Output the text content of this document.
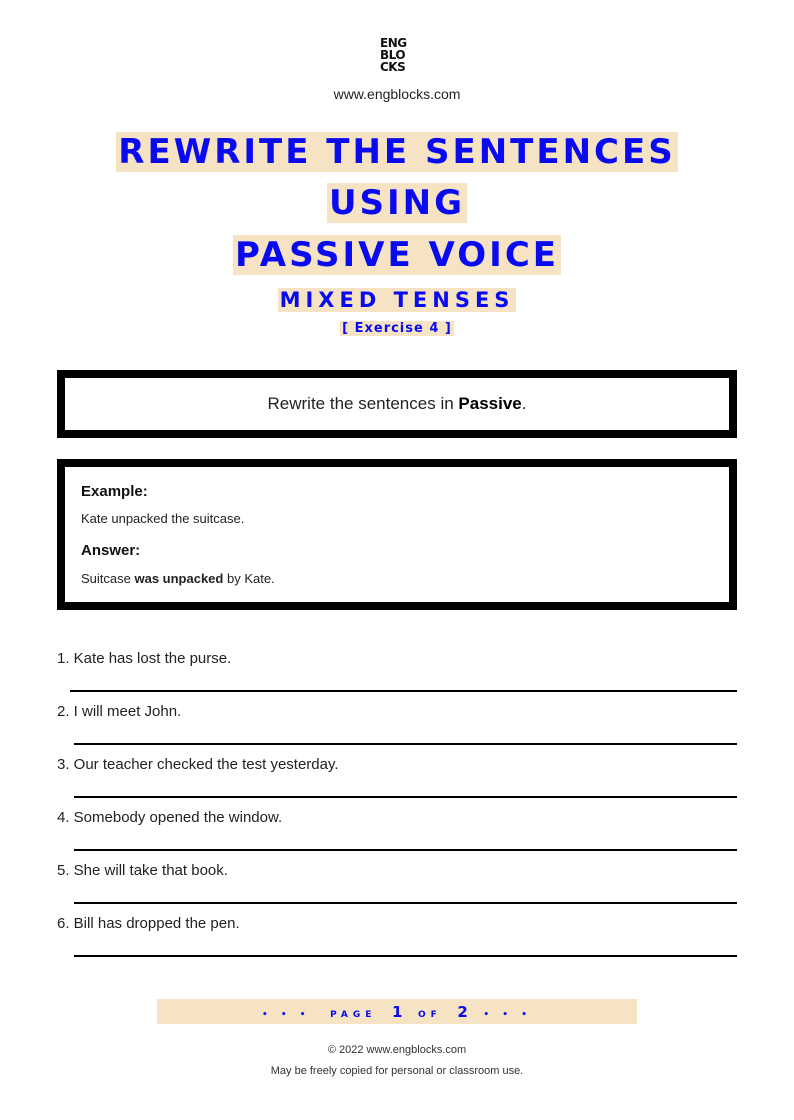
ENG
BLO
CKS
www.engblocks.com
REWRITE THE SENTENCES
USING
PASSIVE VOICE
MIXED TENSES
[ Exercise 4 ]
Rewrite the sentences in Passive.
Example:
Kate unpacked the suitcase.
Answer:
Suitcase was unpacked by Kate.
1. Kate has lost the purse.
2. I will meet John.
3. Our teacher checked the test yesterday.
4. Somebody opened the window.
5. She will take that book.
6. Bill has dropped the pen.
• • • PAGE 1 OF 2 • • •
© 2022 www.engblocks.com
May be freely copied for personal or classroom use.
